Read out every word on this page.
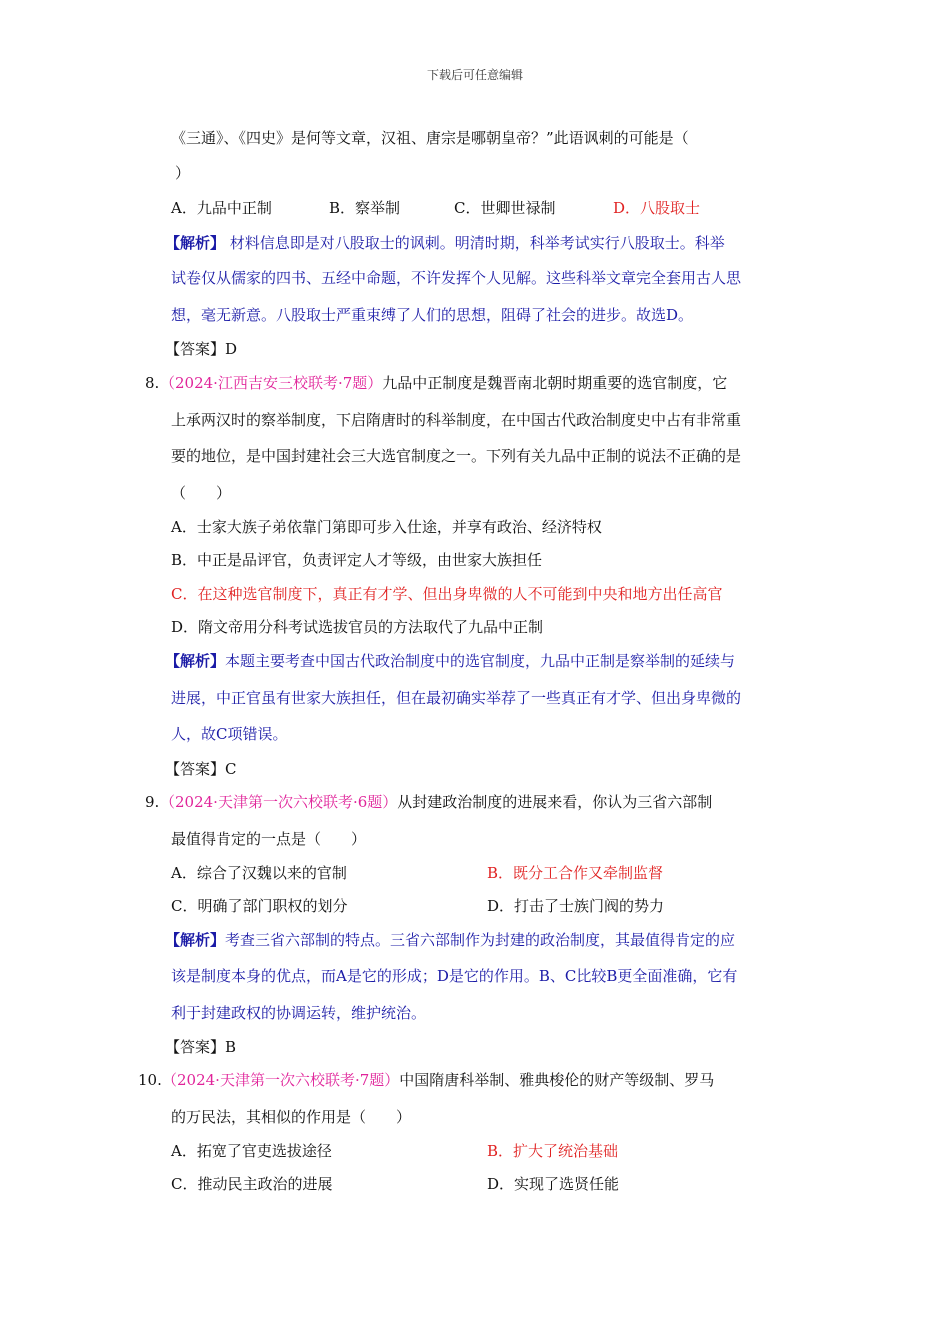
下载后可任意编辑
《三通》、《四史》是何等文章，汉祖、唐宗是哪朝皇帝？”此语讽刺的可能是（
）
A．九品中正制	B．察举制	C．世卿世禄制	D．八股取士
【解析】 材料信息即是对八股取士的讽刺。明清时期，科举考试实行八股取士。科举
试卷仅从儒家的四书、五经中命题，不许发挥个人见解。这些科举文章完全套用古人思
想，毫无新意。八股取士严重束缚了人们的思想，阻碍了社会的进步。故选D。
【答案】D
8. （2024·江西吉安三校联考·7题）九品中正制度是魏晋南北朝时期重要的选官制度，它
上承两汉时的察举制度，下启隋唐时的科举制度，在中国古代政治制度史中占有非常重
要的地位，是中国封建社会三大选官制度之一。下列有关九品中正制的说法不正确的是
（　　）
A．士家大族子弟依靠门第即可步入仕途，并享有政治、经济特权
B．中正是品评官，负责评定人才等级，由世家大族担任
C．在这种选官制度下，真正有才学、但出身卑微的人不可能到中央和地方出任高官
D．隋文帝用分科考试选拔官员的方法取代了九品中正制
【解析】本题主要考查中国古代政治制度中的选官制度，九品中正制是察举制的延续与
进展，中正官虽有世家大族担任，但在最初确实举荐了一些真正有才学、但出身卑微的
人，故C项错误。
【答案】C
9. （2024·天津第一次六校联考·6题）从封建政治制度的进展来看，你认为三省六部制
最值得肯定的一点是（　　）
A．综合了汉魏以来的官制	B．既分工合作又牵制监督
C．明确了部门职权的划分	D．打击了士族门阀的势力
【解析】考查三省六部制的特点。三省六部制作为封建的政治制度，其最值得肯定的应
该是制度本身的优点，而A是它的形成；D是它的作用。B、C比较B更全面准确，它有
利于封建政权的协调运转，维护统治。
【答案】B
10. （2024·天津第一次六校联考·7题）中国隋唐科举制、雅典梭伦的财产等级制、罗马
的万民法，其相似的作用是（　　）
A．拓宽了官吏选拔途径	B．扩大了统治基础
C．推动民主政治的进展	D．实现了选贤任能
